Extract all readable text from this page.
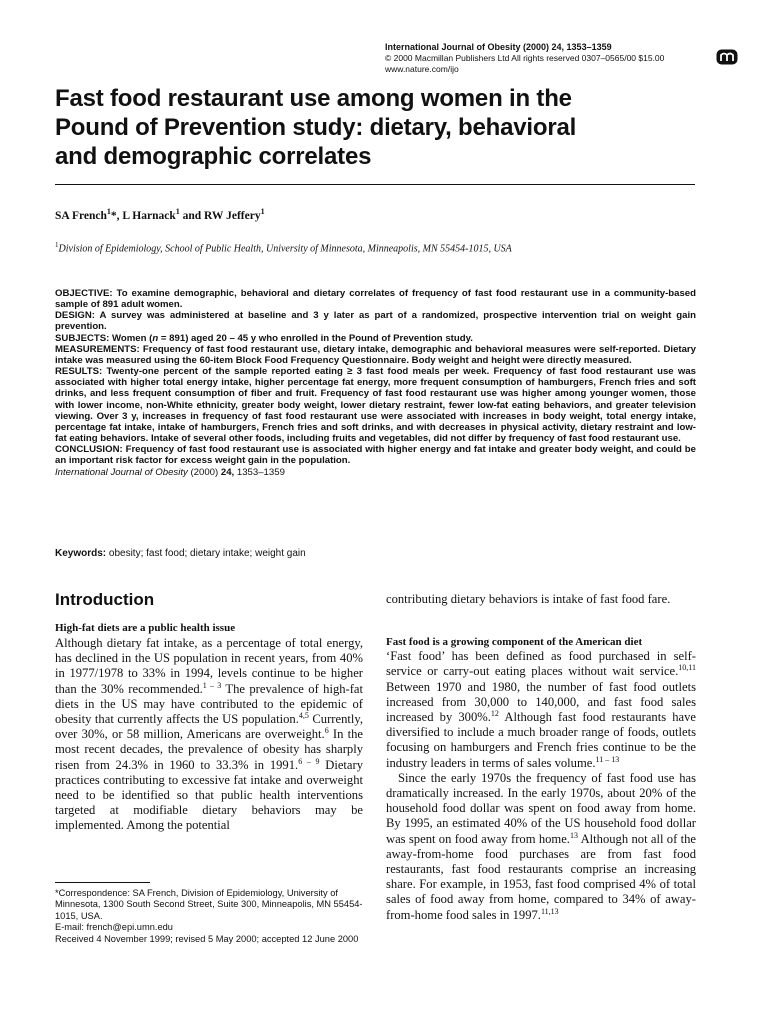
International Journal of Obesity (2000) 24, 1353–1359
© 2000 Macmillan Publishers Ltd All rights reserved 0307–0565/00 $15.00
www.nature.com/ijo
Fast food restaurant use among women in the
Pound of Prevention study: dietary, behavioral
and demographic correlates
SA French$^1$*, L Harnack$^1$ and RW Jeffery$^1$
$^1$Division of Epidemiology, School of Public Health, University of Minnesota, Minneapolis, MN 55454-1015, USA

OBJECTIVE: To examine demographic, behavioral and dietary correlates of frequency of fast food restaurant use in a community-based sample of 891 adult women.

DESIGN: A survey was administered at baseline and 3 y later as part of a randomized, prospective intervention trial on weight gain prevention.

SUBJECTS: Women (n = 891) aged 20 – 45 y who enrolled in the Pound of Prevention study.

MEASUREMENTS: Frequency of fast food restaurant use, dietary intake, demographic and behavioral measures were self-reported. Dietary intake was measured using the 60-item Block Food Frequency Questionnaire. Body weight and height were directly measured.

RESULTS: Twenty-one percent of the sample reported eating ≥ 3 fast food meals per week. Frequency of fast food restaurant use was associated with higher total energy intake, higher percentage fat energy, more frequent consumption of hamburgers, French fries and soft drinks, and less frequent consumption of fiber and fruit. Frequency of fast food restaurant use was higher among younger women, those with lower income, non-White ethnicity, greater body weight, lower dietary restraint, fewer low-fat eating behaviors, and greater television viewing. Over 3 y, increases in frequency of fast food restaurant use were associated with increases in body weight, total energy intake, percentage fat intake, intake of hamburgers, French fries and soft drinks, and with decreases in physical activity, dietary restraint and low-fat eating behaviors. Intake of several other foods, including fruits and vegetables, did not differ by frequency of fast food restaurant use.

CONCLUSION: Frequency of fast food restaurant use is associated with higher energy and fat intake and greater body weight, and could be an important risk factor for excess weight gain in the population.

International Journal of Obesity (2000) 24, 1353–1359

Keywords: obesity; fast food; dietary intake; weight gain
Introduction

High-fat diets are a public health issue

Although dietary fat intake, as a percentage of total energy, has declined in the US population in recent years, from 40% in 1977/1978 to 33% in 1994, levels continue to be higher than the 30% recommended.$^{1 - 3}$ The prevalence of high-fat diets in the US may have contributed to the epidemic of obesity that currently affects the US population.$^{4,5}$ Currently, over 30%, or 58 million, Americans are overweight.$^6$ In the most recent decades, the prevalence of obesity has sharply risen from 24.3% in 1960 to 33.3% in 1991.$^{6 - 9}$ Dietary practices contributing to excessive fat intake and overweight need to be identified so that public health interventions targeted at modifiable dietary behaviors may be implemented. Among the potential

contributing dietary behaviors is intake of fast food fare.

Fast food is a growing component of the American diet

‘Fast food’ has been defined as food purchased in self-service or carry-out eating places without wait service.$^{10,11}$ Between 1970 and 1980, the number of fast food outlets increased from 30,000 to 140,000, and fast food sales increased by 300%.$^{12}$ Although fast food restaurants have diversified to include a much broader range of foods, outlets focusing on hamburgers and French fries continue to be the industry leaders in terms of sales volume.$^{11 - 13}$

Since the early 1970s the frequency of fast food use has dramatically increased. In the early 1970s, about 20% of the household food dollar was spent on food away from home. By 1995, an estimated 40% of the US household food dollar was spent on food away from home.$^{13}$ Although not all of the away-from-home food purchases are from fast food restaurants, fast food restaurants comprise an increasing share. For example, in 1953, fast food comprised 4% of total sales of food away from home, compared to 34% of away-from-home food sales in 1997.$^{11,13}$

*Correspondence: SA French, Division of Epidemiology, University of Minnesota, 1300 South Second Street, Suite 300, Minneapolis, MN 55454-1015, USA.

E-mail: french@epi.umn.edu

Received 4 November 1999; revised 5 May 2000; accepted 12 June 2000
